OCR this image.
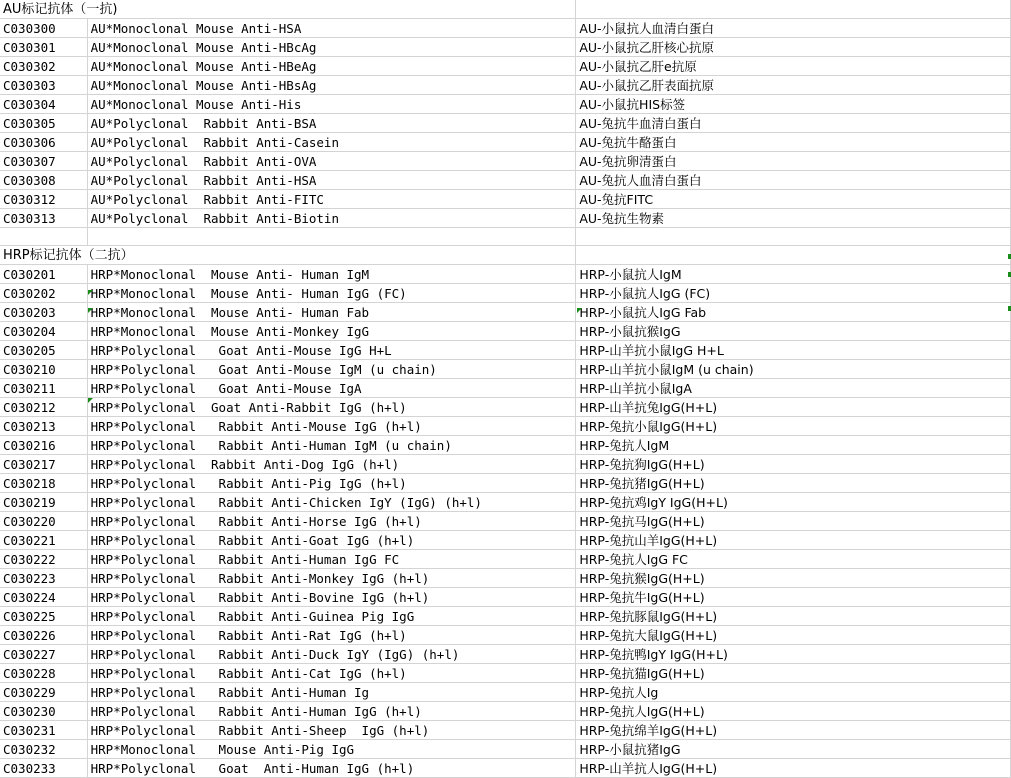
AU标记抗体（一抗)		
C030300	AU*Monoclonal Mouse Anti-HSA	AU-小鼠抗人血清白蛋白
C030301	AU*Monoclonal Mouse Anti-HBcAg	AU-小鼠抗乙肝核心抗原
C030302	AU*Monoclonal Mouse Anti-HBeAg	AU-小鼠抗乙肝e抗原
C030303	AU*Monoclonal Mouse Anti-HBsAg	AU-小鼠抗乙肝表面抗原
C030304	AU*Monoclonal Mouse Anti-His	AU-小鼠抗HIS标签
C030305	AU*Polyclonal  Rabbit Anti-BSA	AU-兔抗牛血清白蛋白
C030306	AU*Polyclonal  Rabbit Anti-Casein	AU-兔抗牛酪蛋白
C030307	AU*Polyclonal  Rabbit Anti-OVA	AU-兔抗卵清蛋白
C030308	AU*Polyclonal  Rabbit Anti-HSA	AU-兔抗人血清白蛋白
C030312	AU*Polyclonal  Rabbit Anti-FITC	AU-兔抗FITC
C030313	AU*Polyclonal  Rabbit Anti-Biotin	AU-兔抗生物素

HRP标记抗体（二抗）		
C030201	HRP*Monoclonal  Mouse Anti- Human IgM	HRP-小鼠抗人IgM
C030202	HRP*Monoclonal  Mouse Anti- Human IgG (FC)	HRP-小鼠抗人IgG (FC)
C030203	HRP*Monoclonal  Mouse Anti- Human Fab	HRP-小鼠抗人IgG Fab
C030204	HRP*Monoclonal  Mouse Anti-Monkey IgG	HRP-小鼠抗猴IgG
C030205	HRP*Polyclonal   Goat Anti-Mouse IgG H+L	HRP-山羊抗小鼠IgG H+L
C030210	HRP*Polyclonal   Goat Anti-Mouse IgM (u chain)	HRP-山羊抗小鼠IgM (u chain)
C030211	HRP*Polyclonal   Goat Anti-Mouse IgA	HRP-山羊抗小鼠IgA
C030212	HRP*Polyclonal  Goat Anti-Rabbit IgG (h+l)	HRP-山羊抗兔IgG(H+L)
C030213	HRP*Polyclonal   Rabbit Anti-Mouse IgG (h+l)	HRP-兔抗小鼠IgG(H+L)
C030216	HRP*Polyclonal   Rabbit Anti-Human IgM (u chain)	HRP-兔抗人IgM
C030217	HRP*Polyclonal  Rabbit Anti-Dog IgG (h+l)	HRP-兔抗狗IgG(H+L)
C030218	HRP*Polyclonal   Rabbit Anti-Pig IgG (h+l)	HRP-兔抗猪IgG(H+L)
C030219	HRP*Polyclonal   Rabbit Anti-Chicken IgY (IgG) (h+l)	HRP-兔抗鸡IgY IgG(H+L)
C030220	HRP*Polyclonal   Rabbit Anti-Horse IgG (h+l)	HRP-兔抗马IgG(H+L)
C030221	HRP*Polyclonal   Rabbit Anti-Goat IgG (h+l)	HRP-兔抗山羊IgG(H+L)
C030222	HRP*Polyclonal   Rabbit Anti-Human IgG FC	HRP-兔抗人IgG FC
C030223	HRP*Polyclonal   Rabbit Anti-Monkey IgG (h+l)	HRP-兔抗猴IgG(H+L)
C030224	HRP*Polyclonal   Rabbit Anti-Bovine IgG (h+l)	HRP-兔抗牛IgG(H+L)
C030225	HRP*Polyclonal   Rabbit Anti-Guinea Pig IgG	HRP-兔抗豚鼠IgG(H+L)
C030226	HRP*Polyclonal   Rabbit Anti-Rat IgG (h+l)	HRP-兔抗大鼠IgG(H+L)
C030227	HRP*Polyclonal   Rabbit Anti-Duck IgY (IgG) (h+l)	HRP-兔抗鸭IgY IgG(H+L)
C030228	HRP*Polyclonal   Rabbit Anti-Cat IgG (h+l)	HRP-兔抗猫IgG(H+L)
C030229	HRP*Polyclonal   Rabbit Anti-Human Ig	HRP-兔抗人Ig
C030230	HRP*Polyclonal   Rabbit Anti-Human IgG (h+l)	HRP-兔抗人IgG(H+L)
C030231	HRP*Polyclonal   Rabbit Anti-Sheep  IgG (h+l)	HRP-兔抗绵羊IgG(H+L)
C030232	HRP*Monoclonal   Mouse Anti-Pig IgG	HRP-小鼠抗猪IgG
C030233	HRP*Polyclonal   Goat  Anti-Human IgG (h+l)	HRP-山羊抗人IgG(H+L)
